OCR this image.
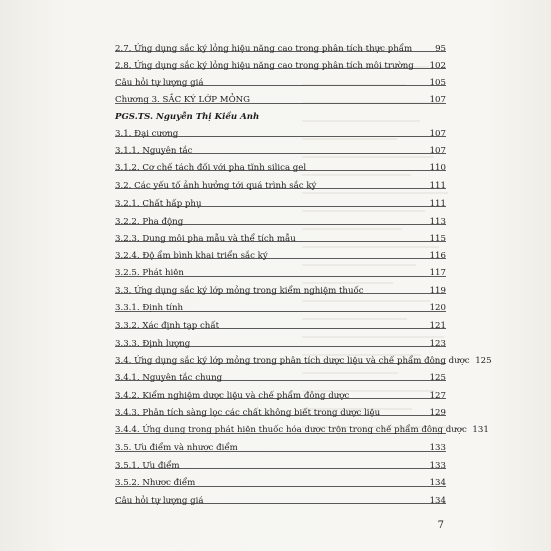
2.7. Ứng dụng sắc ký lỏng hiệu năng cao trong phân tích thực phẩm	95
2.8. Ứng dụng sắc ký lỏng hiệu năng cao trong phân tích môi trường	102
Câu hỏi tự lượng giá	105
Chương 3. SẮC KÝ LỚP MỎNG	107
PGS.TS. Nguyễn Thị Kiều Anh
3.1. Đại cương	107
3.1.1. Nguyên tắc	107
3.1.2. Cơ chế tách đối với pha tĩnh silica gel	110
3.2. Các yếu tố ảnh hưởng tới quá trình sắc ký	111
3.2.1. Chất hấp phụ	111
3.2.2. Pha động	113
3.2.3. Dung môi pha mẫu và thể tích mẫu	115
3.2.4. Độ ẩm bình khai triển sắc ký	116
3.2.5. Phát hiện	117
3.3. Ứng dụng sắc ký lớp mỏng trong kiểm nghiệm thuốc	119
3.3.1. Định tính	120
3.3.2. Xác định tạp chất	121
3.3.3. Định lượng	123
3.4. Ứng dụng sắc ký lớp mỏng trong phân tích dược liệu và chế phẩm đông dược 125
3.4.1. Nguyên tắc chung	125
3.4.2. Kiểm nghiệm dược liệu và chế phẩm đông dược	127
3.4.3. Phân tích sàng lọc các chất không biết trong dược liệu	129
3.4.4. Ứng dụng trong phát hiện thuốc hóa dược trộn trong chế phẩm đông dược 131
3.5. Ưu điểm và nhược điểm	133
3.5.1. Ưu điểm	133
3.5.2. Nhược điểm	134
Câu hỏi tự lượng giá	134
7
